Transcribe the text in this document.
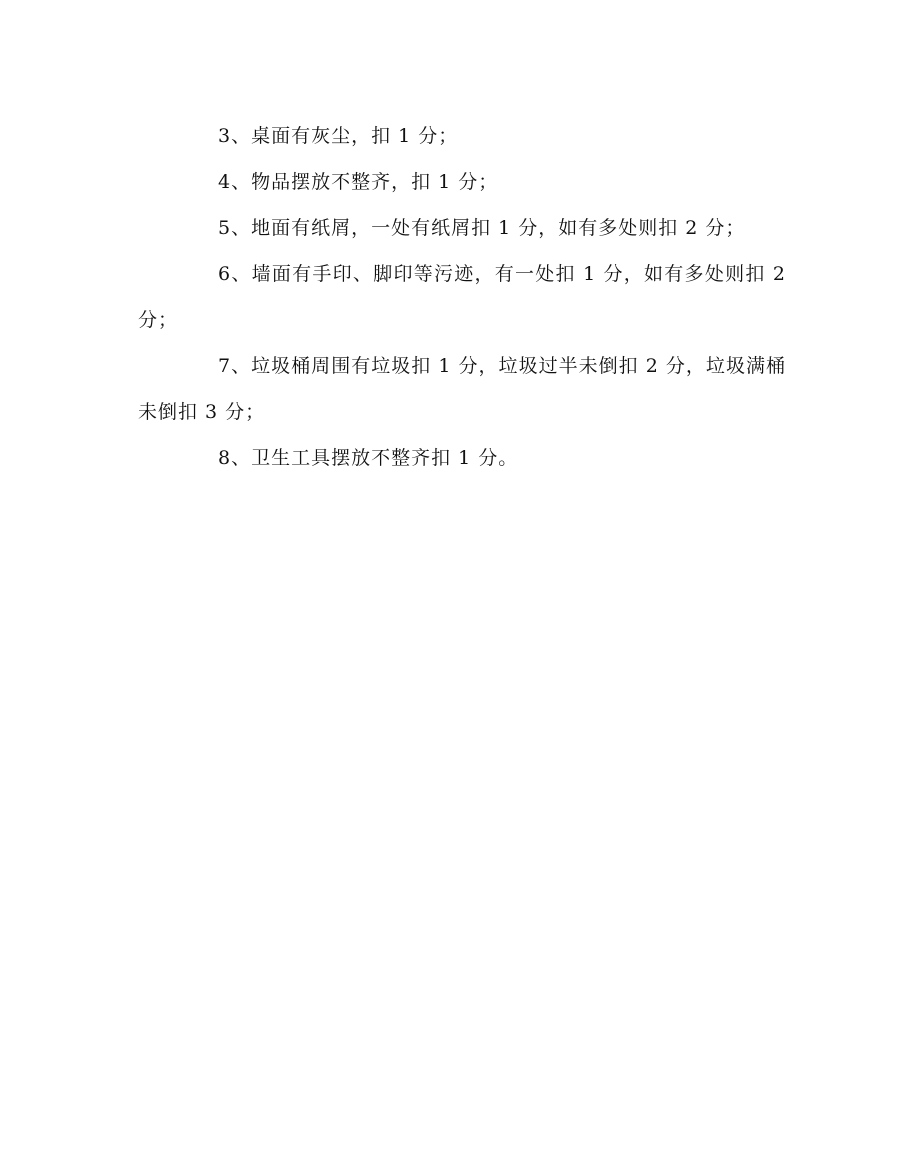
3、桌面有灰尘，扣 1 分；

4、物品摆放不整齐，扣 1 分；

5、地面有纸屑，一处有纸屑扣 1 分，如有多处则扣 2 分；

6、墙面有手印、脚印等污迹，有一处扣 1 分，如有多处则扣 2 分；

7、垃圾桶周围有垃圾扣 1 分，垃圾过半未倒扣 2 分，垃圾满桶未倒扣 3 分；

8、卫生工具摆放不整齐扣 1 分。
